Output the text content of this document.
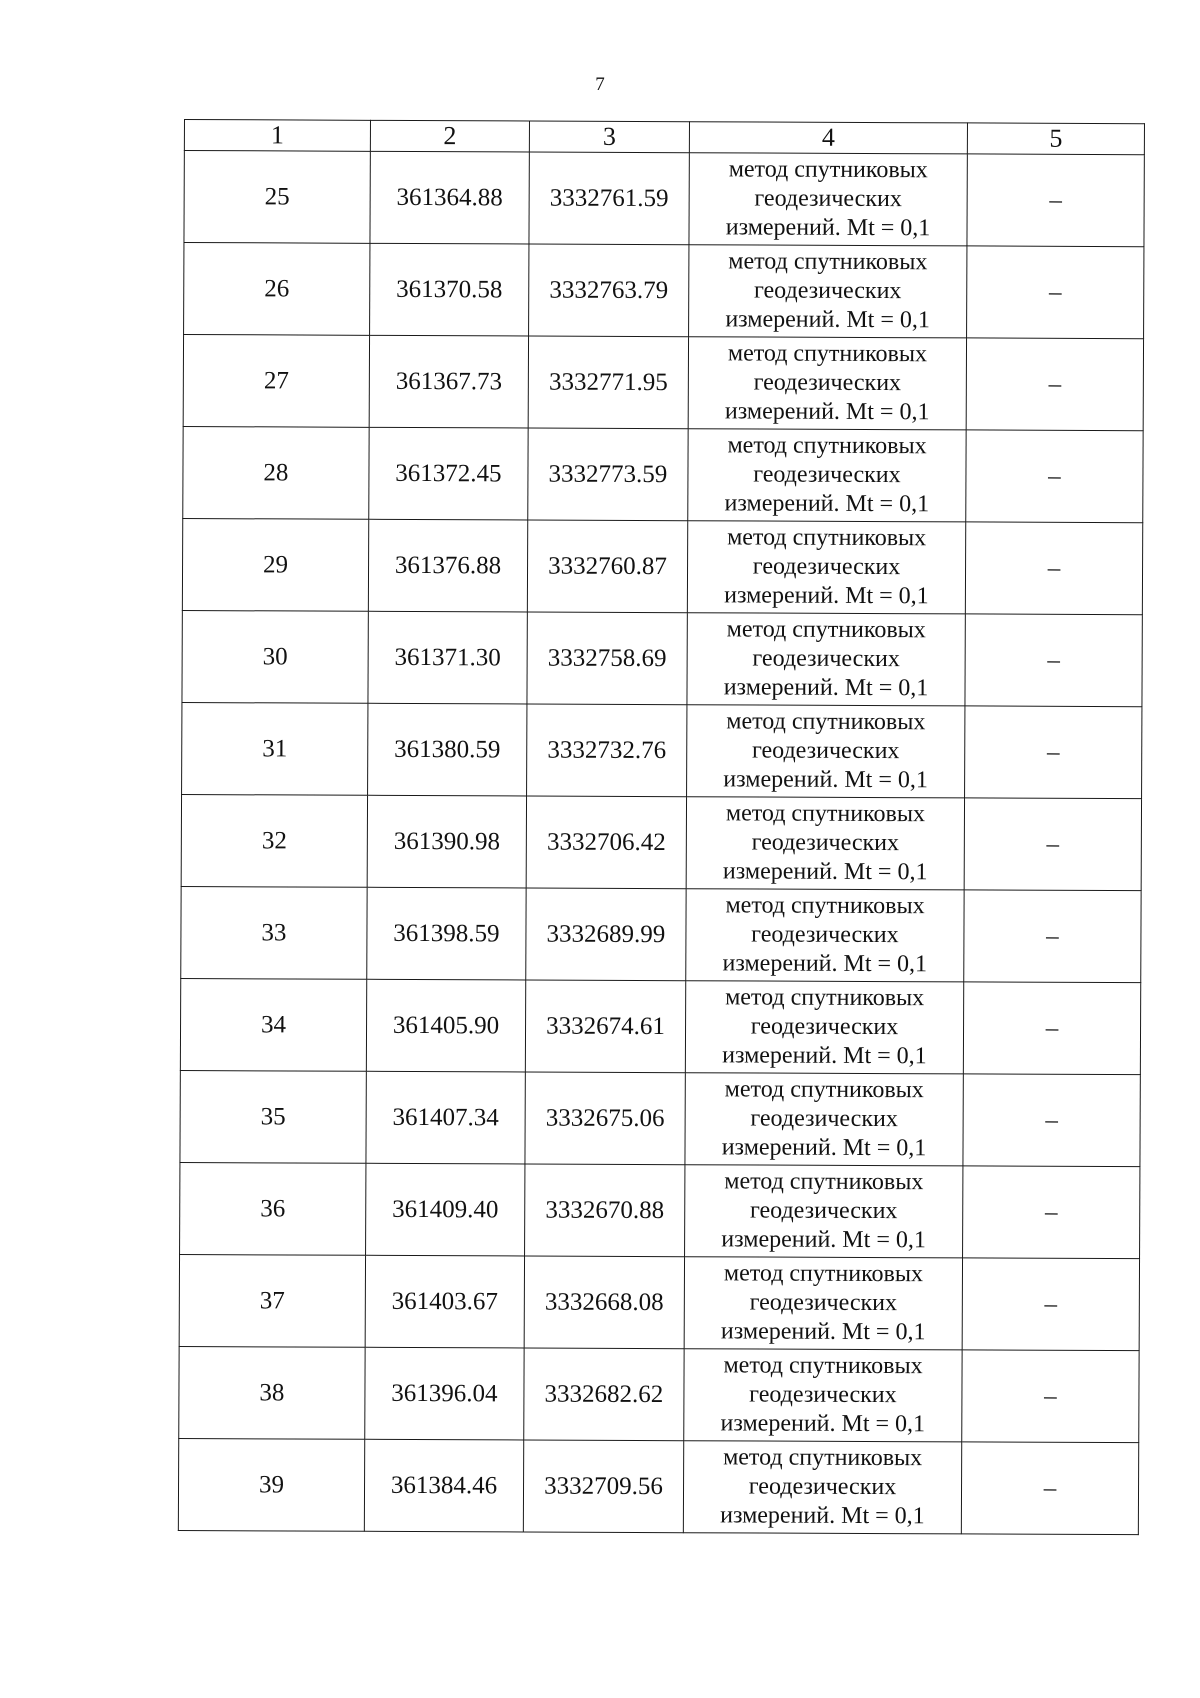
7
1	2	3	4	5
25	361364.88	3332761.59	метод спутниковых
геодезических
измерений. Mt = 0,1	–
26	361370.58	3332763.79	метод спутниковых
геодезических
измерений. Mt = 0,1	–
27	361367.73	3332771.95	метод спутниковых
геодезических
измерений. Mt = 0,1	–
28	361372.45	3332773.59	метод спутниковых
геодезических
измерений. Mt = 0,1	–
29	361376.88	3332760.87	метод спутниковых
геодезических
измерений. Mt = 0,1	–
30	361371.30	3332758.69	метод спутниковых
геодезических
измерений. Mt = 0,1	–
31	361380.59	3332732.76	метод спутниковых
геодезических
измерений. Mt = 0,1	–
32	361390.98	3332706.42	метод спутниковых
геодезических
измерений. Mt = 0,1	–
33	361398.59	3332689.99	метод спутниковых
геодезических
измерений. Mt = 0,1	–
34	361405.90	3332674.61	метод спутниковых
геодезических
измерений. Mt = 0,1	–
35	361407.34	3332675.06	метод спутниковых
геодезических
измерений. Mt = 0,1	–
36	361409.40	3332670.88	метод спутниковых
геодезических
измерений. Mt = 0,1	–
37	361403.67	3332668.08	метод спутниковых
геодезических
измерений. Mt = 0,1	–
38	361396.04	3332682.62	метод спутниковых
геодезических
измерений. Mt = 0,1	–
39	361384.46	3332709.56	метод спутниковых
геодезических
измерений. Mt = 0,1	–
